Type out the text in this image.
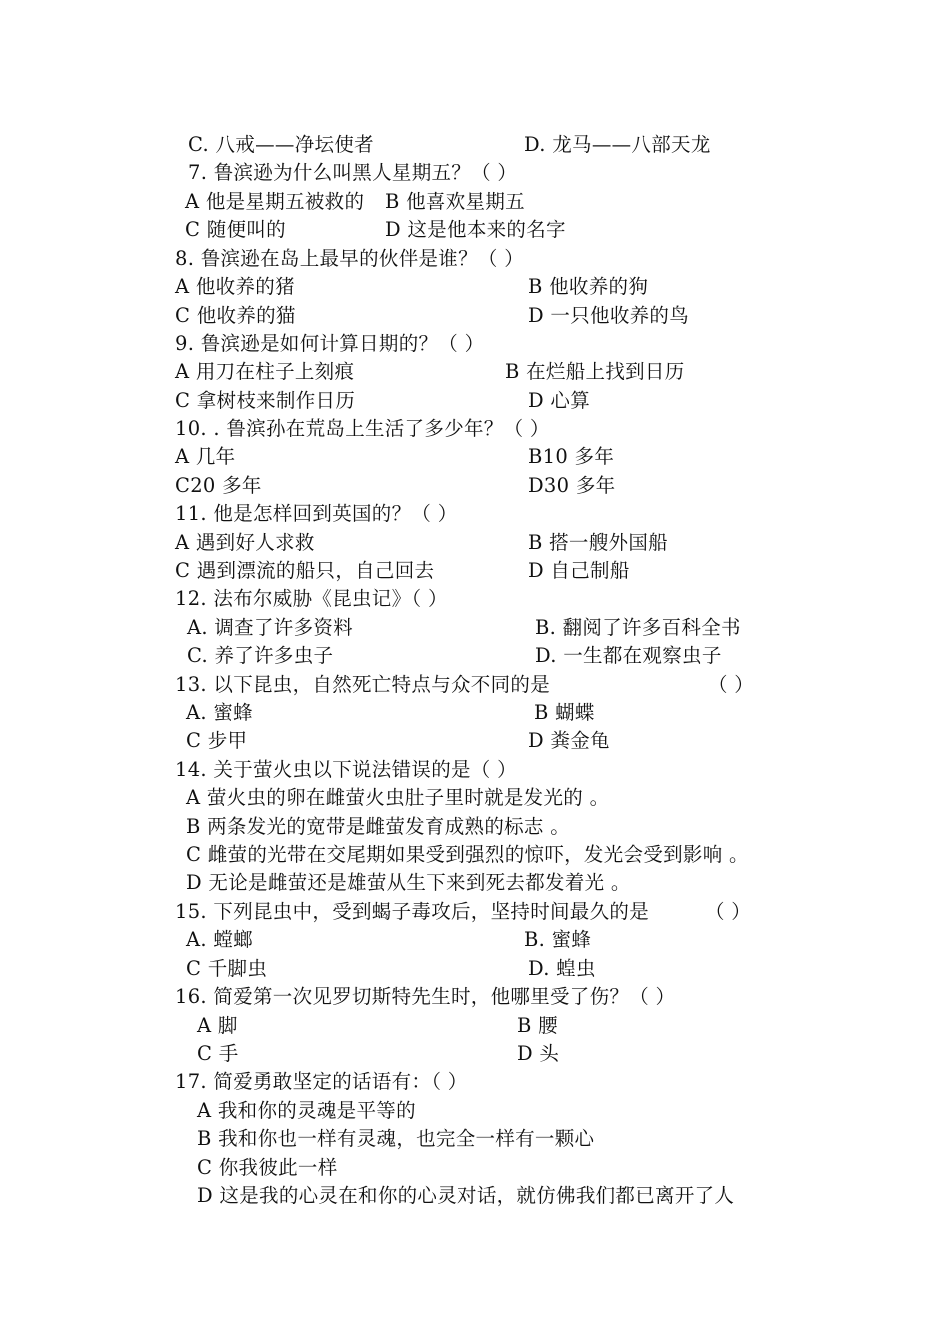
C. 八戒——净坛使者	D. 龙马——八部天龙
7. 鲁滨逊为什么叫黑人星期五？（ ）
A 他是星期五被救的 B 他喜欢星期五
C 随便叫的	D 这是他本来的名字
8. 鲁滨逊在岛上最早的伙伴是谁？（ ）
A 他收养的猪	B 他收养的狗
C 他收养的猫	D 一只他收养的鸟
9. 鲁滨逊是如何计算日期的？（ ）
A 用刀在柱子上刻痕	B 在烂船上找到日历
C 拿树枝来制作日历	D 心算
10. . 鲁滨孙在荒岛上生活了多少年？（ ）
A 几年	B10 多年
C20 多年	D30 多年
11. 他是怎样回到英国的？（ ）
A 遇到好人求救	B 搭一艘外国船
C 遇到漂流的船只，自己回去	D 自己制船
12. 法布尔威胁《昆虫记》（ ）
A. 调查了许多资料	B. 翻阅了许多百科全书
C. 养了许多虫子	D. 一生都在观察虫子
13. 以下昆虫，自然死亡特点与众不同的是	（ ）
A. 蜜蜂	B 蝴蝶
C 步甲	D 粪金龟
14. 关于萤火虫以下说法错误的是（ ）
A 萤火虫的卵在雌萤火虫肚子里时就是发光的 。
B 两条发光的宽带是雌萤发育成熟的标志 。
C 雌萤的光带在交尾期如果受到强烈的惊吓，发光会受到影响 。
D 无论是雌萤还是雄萤从生下来到死去都发着光 。
15. 下列昆虫中，受到蝎子毒攻后，坚持时间最久的是	（ ）
A. 螳螂	B. 蜜蜂
C 千脚虫	D. 蝗虫
16. 简爱第一次见罗切斯特先生时，他哪里受了伤？（ ）
A 脚	B 腰
C 手	D 头
17. 简爱勇敢坚定的话语有：（ ）
A 我和你的灵魂是平等的
B 我和你也一样有灵魂，也完全一样有一颗心
C 你我彼此一样
D 这是我的心灵在和你的心灵对话，就仿佛我们都已离开了人
